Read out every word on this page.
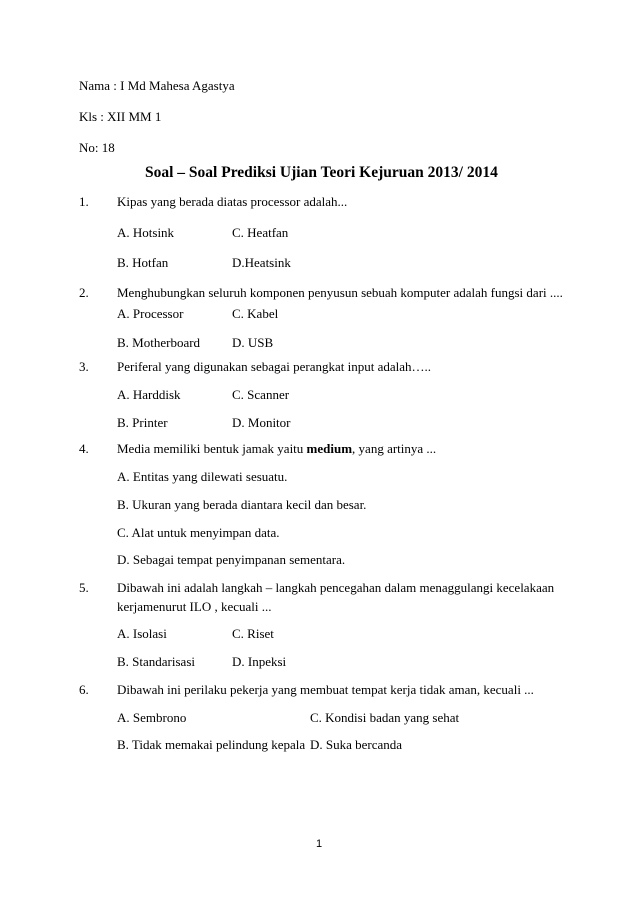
Nama : I Md Mahesa Agastya
Kls : XII MM 1
No: 18
Soal – Soal Prediksi Ujian Teori Kejuruan 2013/ 2014
1. Kipas yang berada diatas processor adalah...
A. Hotsink	C. Heatfan
B. Hotfan	D.Heatsink
2. Menghubungkan seluruh komponen penyusun sebuah komputer adalah fungsi dari ....
A. Processor	C. Kabel
B. Motherboard D. USB
3. Periferal yang digunakan sebagai perangkat input adalah…..
A. Harddisk	C. Scanner
B. Printer	D. Monitor
4. Media memiliki bentuk jamak yaitu medium, yang artinya ...
A. Entitas yang dilewati sesuatu.
B. Ukuran yang berada diantara kecil dan besar.
C. Alat untuk menyimpan data.
D. Sebagai tempat penyimpanan sementara.
5. Dibawah ini adalah langkah – langkah pencegahan dalam menaggulangi kecelakaan
kerjamenurut ILO , kecuali ...
A. Isolasi	C. Riset
B. Standarisasi	D. Inpeksi
6. Dibawah ini perilaku pekerja yang membuat tempat kerja tidak aman, kecuali ...
A. Sembrono	C. Kondisi badan yang sehat
B. Tidak memakai pelindung kepala D. Suka bercanda
1
